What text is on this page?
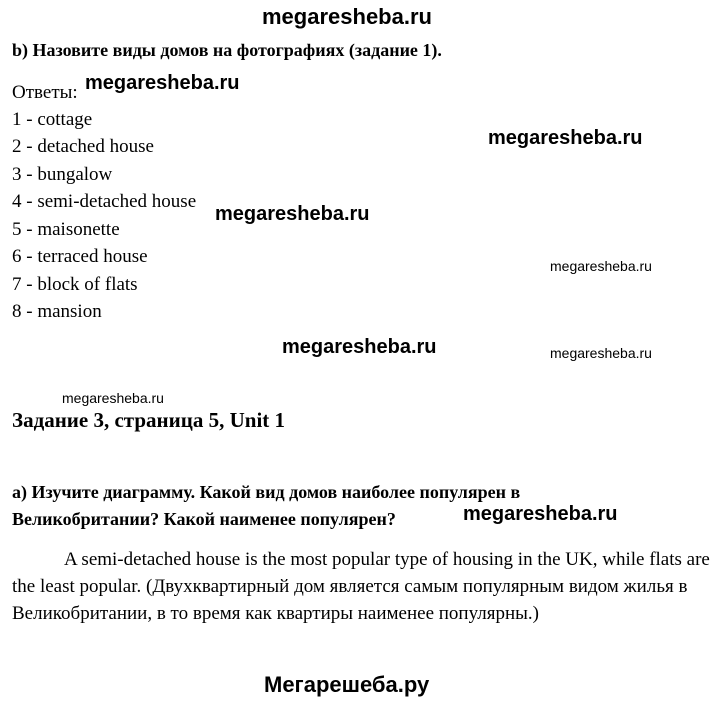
megaresheba.ru
b) Назовите виды домов на фотографиях (задание 1).
Ответы: megaresheba.ru
1 - cottage
2 - detached house
3 - bungalow
4 - semi-detached house
5 - maisonette
6 - terraced house
7 - block of flats
8 - mansion
megaresheba.ru
megaresheba.ru
megaresheba.ru
megaresheba.ru	megaresheba.ru
megaresheba.ru
Задание 3, страница 5, Unit 1
a) Изучите диаграмму. Какой вид домов наиболее популярен в
Великобритании? Какой наименее популярен?	megaresheba.ru
A semi-detached house is the most popular type of housing in the UK, while flats are the least popular. (Двухквартирный дом является самым популярным видом жилья в Великобритании, в то время как квартиры наименее популярны.)
Мегарешеба.ру
